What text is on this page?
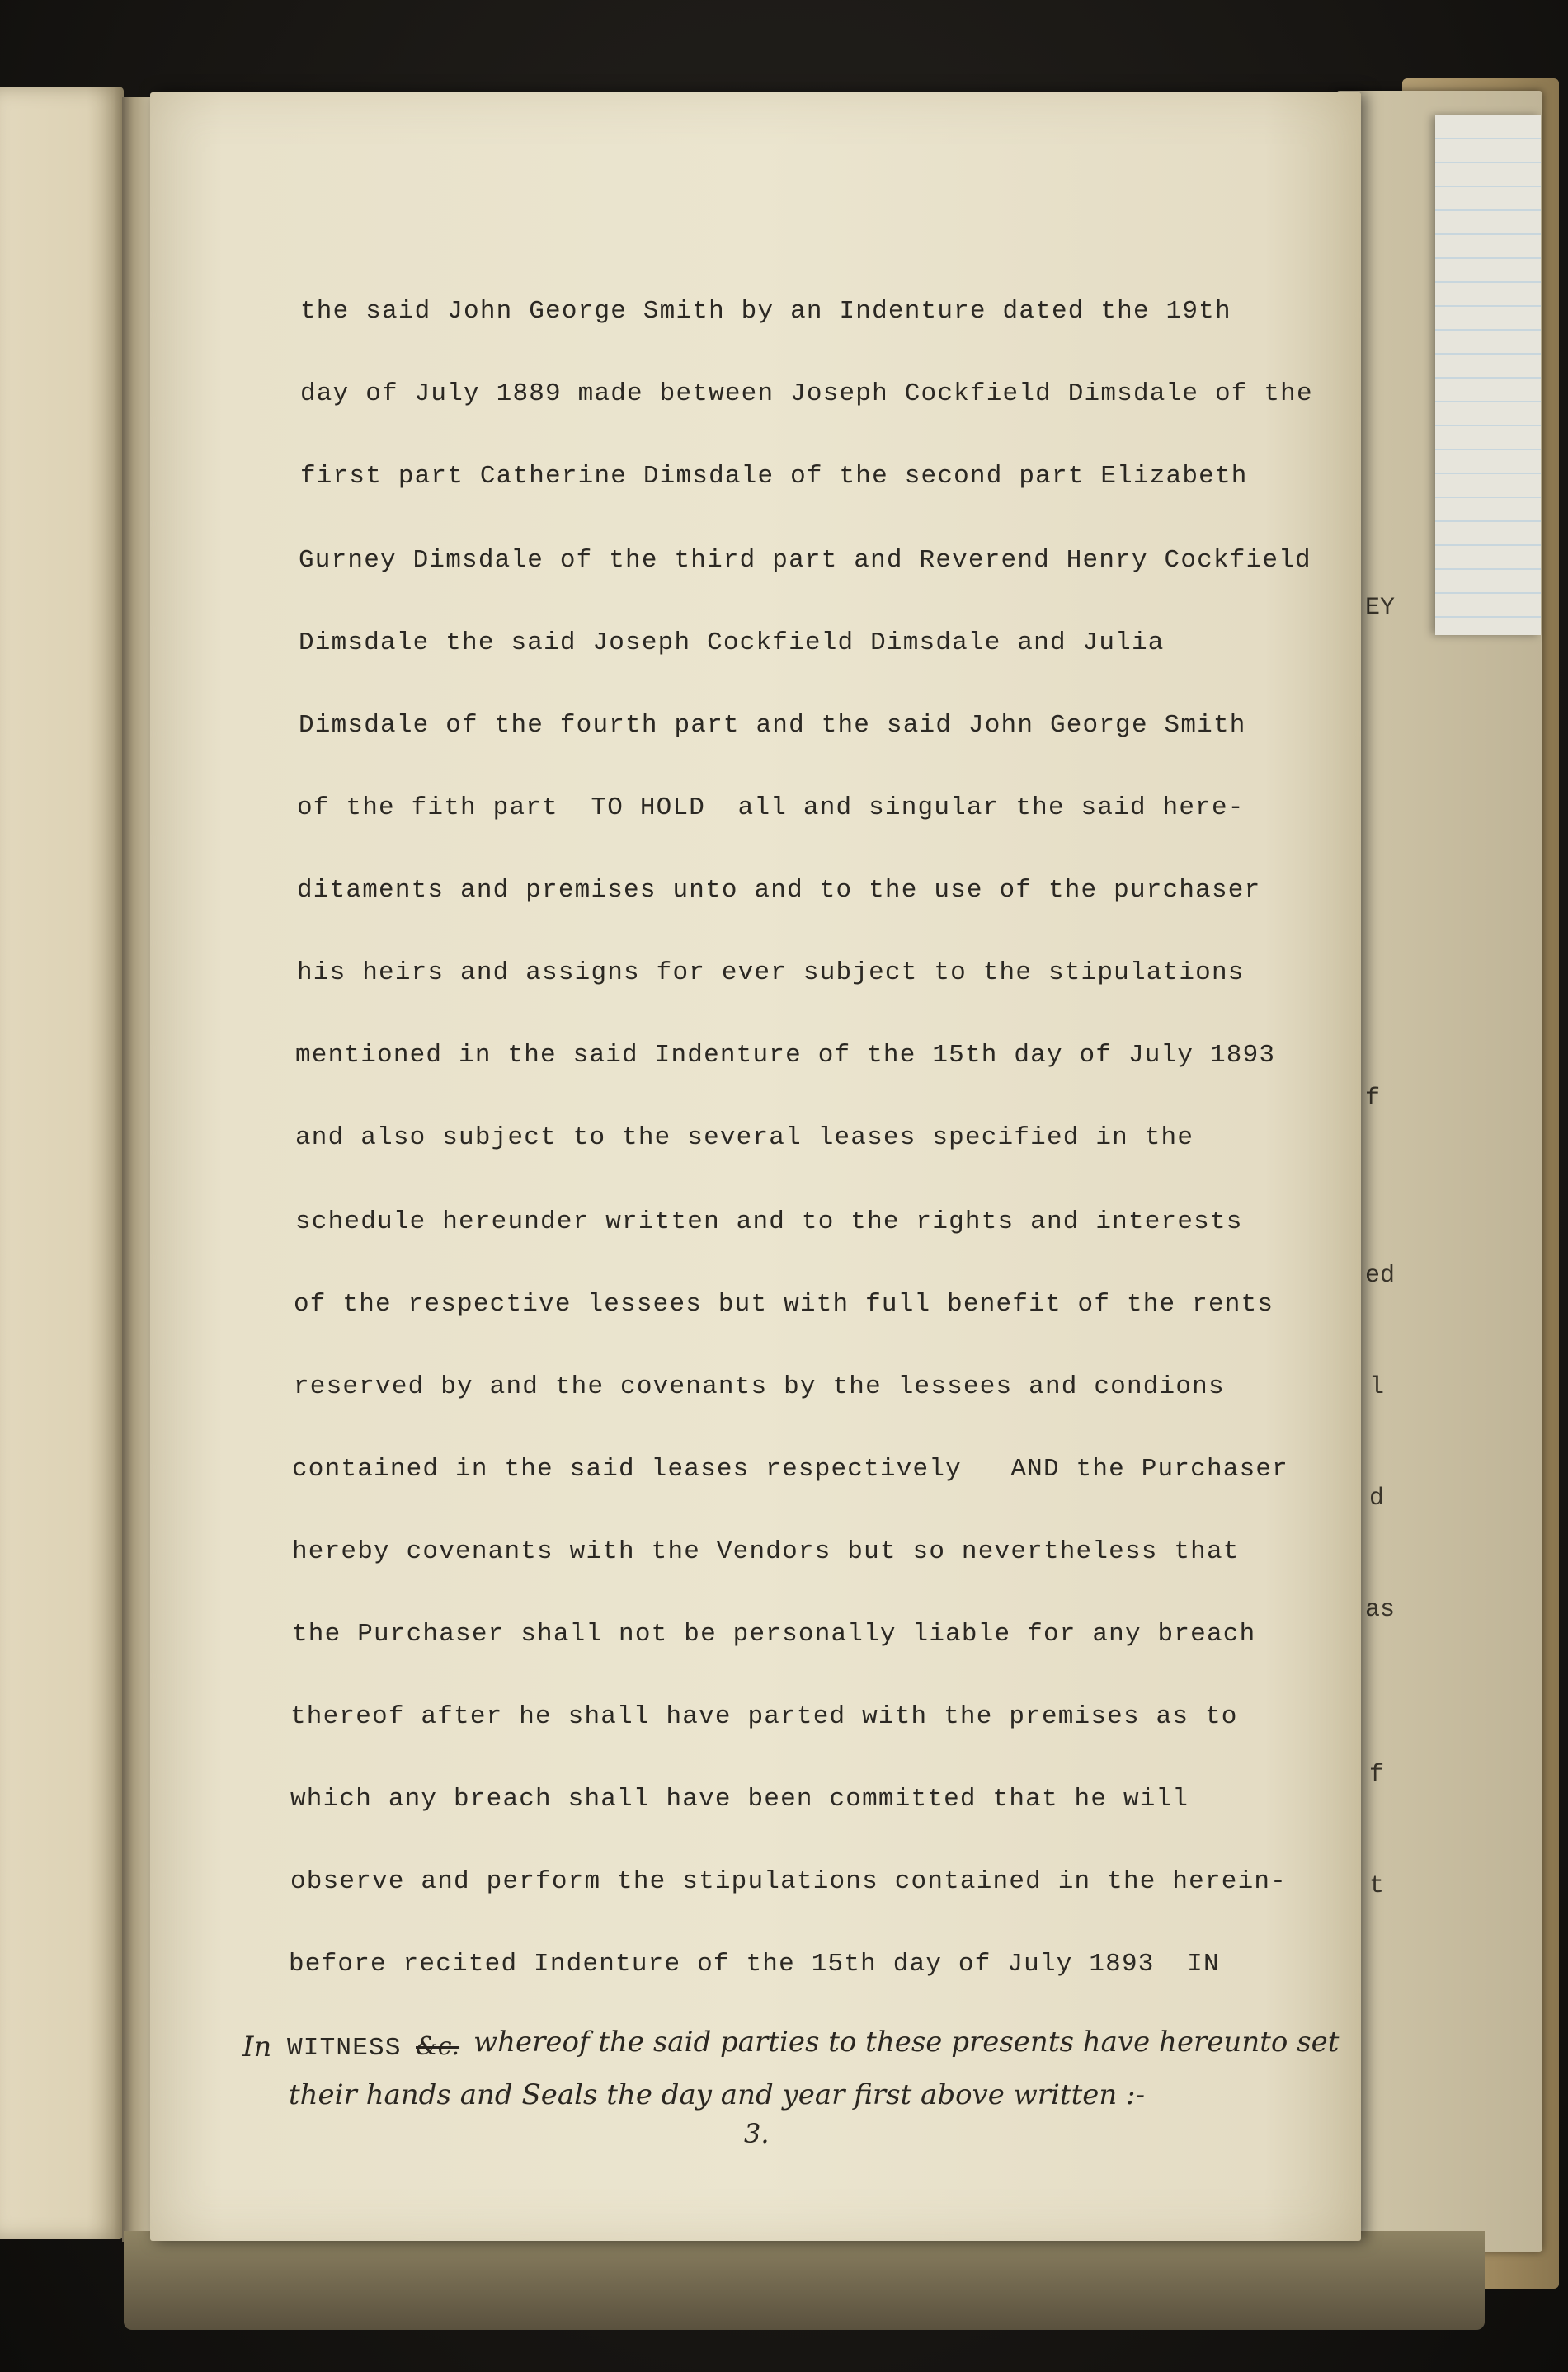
EY
f
ed
l
d
as
f
t
the said John George Smith by an Indenture dated the 19th
day of July 1889 made between Joseph Cockfield Dimsdale of the
first part Catherine Dimsdale of the second part Elizabeth
Gurney Dimsdale of the third part and Reverend Henry Cockfield
Dimsdale the said Joseph Cockfield Dimsdale and Julia
Dimsdale of the fourth part and the said John George Smith
of the fith part  TO HOLD  all and singular the said here-
ditaments and premises unto and to the use of the purchaser
his heirs and assigns for ever subject to the stipulations
mentioned in the said Indenture of the 15th day of July 1893
and also subject to the several leases specified in the
schedule hereunder written and to the rights and interests
of the respective lessees but with full benefit of the rents
reserved by and the covenants by the lessees and condions
contained in the said leases respectively   AND the Purchaser
hereby covenants with the Vendors but so nevertheless that
the Purchaser shall not be personally liable for any breach
thereof after he shall have parted with the premises as to
which any breach shall have been committed that he will
observe and perform the stipulations contained in the herein-
before recited Indenture of the 15th day of July 1893  IN
In WITNESS &c. whereof the said parties to these presents have hereunto set
their hands and Seals the day and year first above written :-
3.
